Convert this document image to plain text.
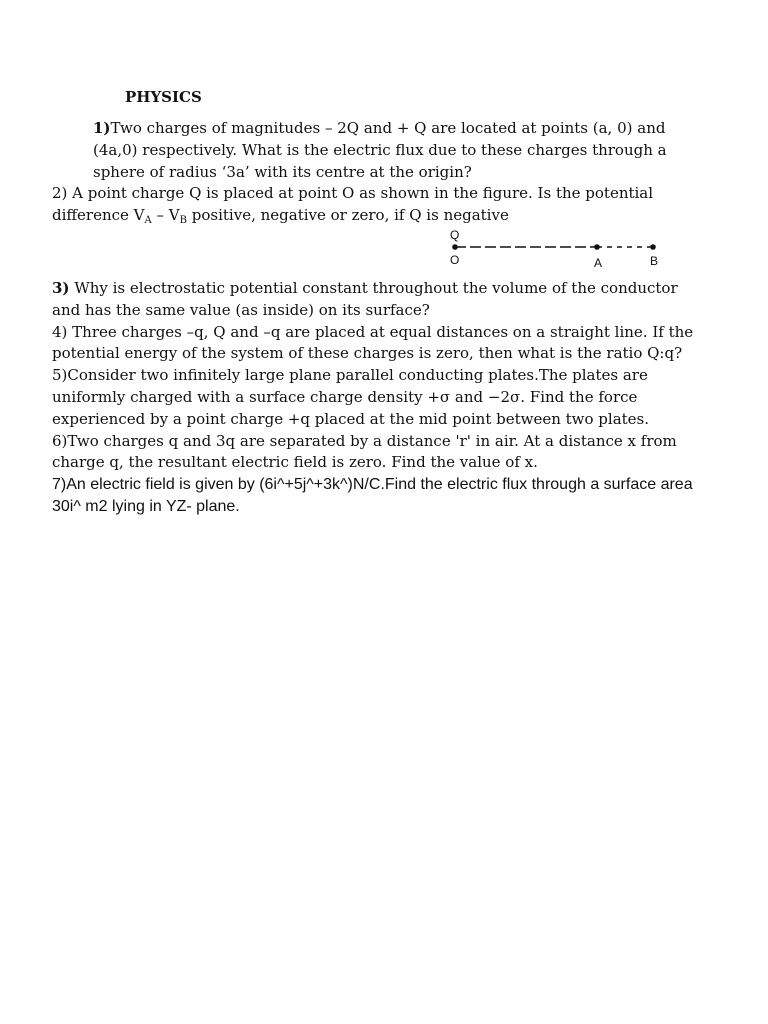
PHYSICS

1)Two charges of magnitudes – 2Q and + Q are located at points (a, 0) and (4a,0) respectively. What is the electric flux due to these charges through a sphere of radius ‘3a’ with its centre at the origin?

2) A point charge Q is placed at point O as shown in the figure. Is the potential difference $V_A - V_B$ positive, negative or zero, if Q is negative

Q
O	A	B
3) Why is electrostatic potential constant throughout the volume of the conductor and has the same value (as inside) on its surface?
4) Three charges –q, Q and –q are placed at equal distances on a straight line. If the potential energy of the system of these charges is zero, then what is the ratio Q:q?
5)Consider two infinitely large plane parallel conducting plates.The plates are uniformly charged with a surface charge density +σ and −2σ. Find the force experienced by a point charge +q placed at the mid point between two plates.
6)Two charges q and 3q are separated by a distance 'r' in air. At a distance x from charge q, the resultant electric field is zero. Find the value of x.
7)An electric field is given by (6i^+5j^+3k^)N/C.Find the electric flux through a surface area 30i^ m2 lying in YZ- plane.
